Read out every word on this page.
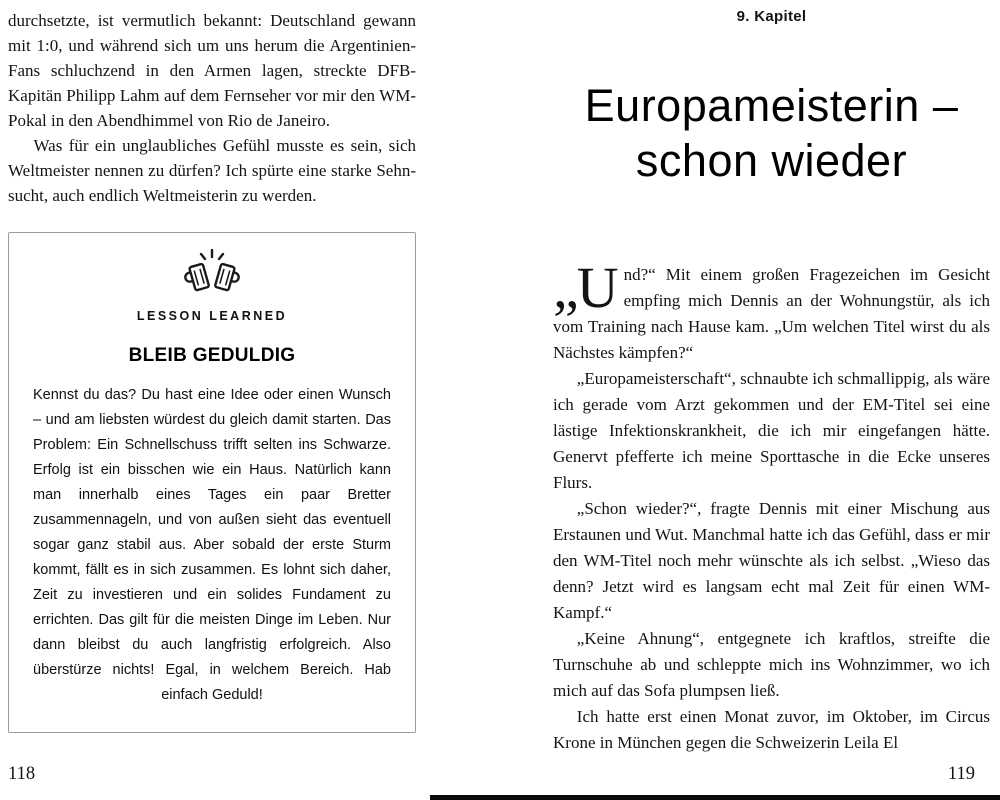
durchsetzte, ist vermutlich bekannt: Deutschland gewann mit 1:0, und während sich um uns herum die Argentinien-Fans schluchzend in den Armen lagen, streckte DFB-Kapitän Philipp Lahm auf dem Fernseher vor mir den WM-Pokal in den Abendhimmel von Rio de Janeiro.

Was für ein unglaubliches Gefühl musste es sein, sich Weltmeister nennen zu dürfen? Ich spürte eine starke Sehnsucht, auch endlich Weltmeisterin zu werden.

LESSON LEARNED
BLEIB GEDULDIG

Kennst du das? Du hast eine Idee oder einen Wunsch – und am liebsten würdest du gleich damit starten. Das Problem: Ein Schnellschuss trifft selten ins Schwarze. Erfolg ist ein bisschen wie ein Haus. Natürlich kann man innerhalb eines Tages ein paar Bretter zusammennageln, und von außen sieht das eventuell sogar ganz stabil aus. Aber sobald der erste Sturm kommt, fällt es in sich zusammen. Es lohnt sich daher, Zeit zu investieren und ein solides Fundament zu errichten. Das gilt für die meisten Dinge im Leben. Nur dann bleibst du auch langfristig erfolgreich. Also überstürze nichts! Egal, in welchem Bereich. Hab einfach Geduld!

9. Kapitel
Europameisterin –
schon wieder

„U nd?“ Mit einem großen Fragezeichen im Gesicht empfing mich Dennis an der Wohnungstür, als ich vom Training nach Hause kam. „Um welchen Titel wirst du als Nächstes kämpfen?“

„Europameisterschaft“, schnaubte ich schmallippig, als wäre ich gerade vom Arzt gekommen und der EM-Titel sei eine lästige Infektionskrankheit, die ich mir eingefangen hätte. Genervt pfefferte ich meine Sporttasche in die Ecke unseres Flurs.

„Schon wieder?“, fragte Dennis mit einer Mischung aus Erstaunen und Wut. Manchmal hatte ich das Gefühl, dass er mir den WM-Titel noch mehr wünschte als ich selbst. „Wieso das denn? Jetzt wird es langsam echt mal Zeit für einen WM-Kampf.“

„Keine Ahnung“, entgegnete ich kraftlos, streifte die Turnschuhe ab und schleppte mich ins Wohnzimmer, wo ich mich auf das Sofa plumpsen ließ.

Ich hatte erst einen Monat zuvor, im Oktober, im Circus Krone in München gegen die Schweizerin Leila El

118	119
